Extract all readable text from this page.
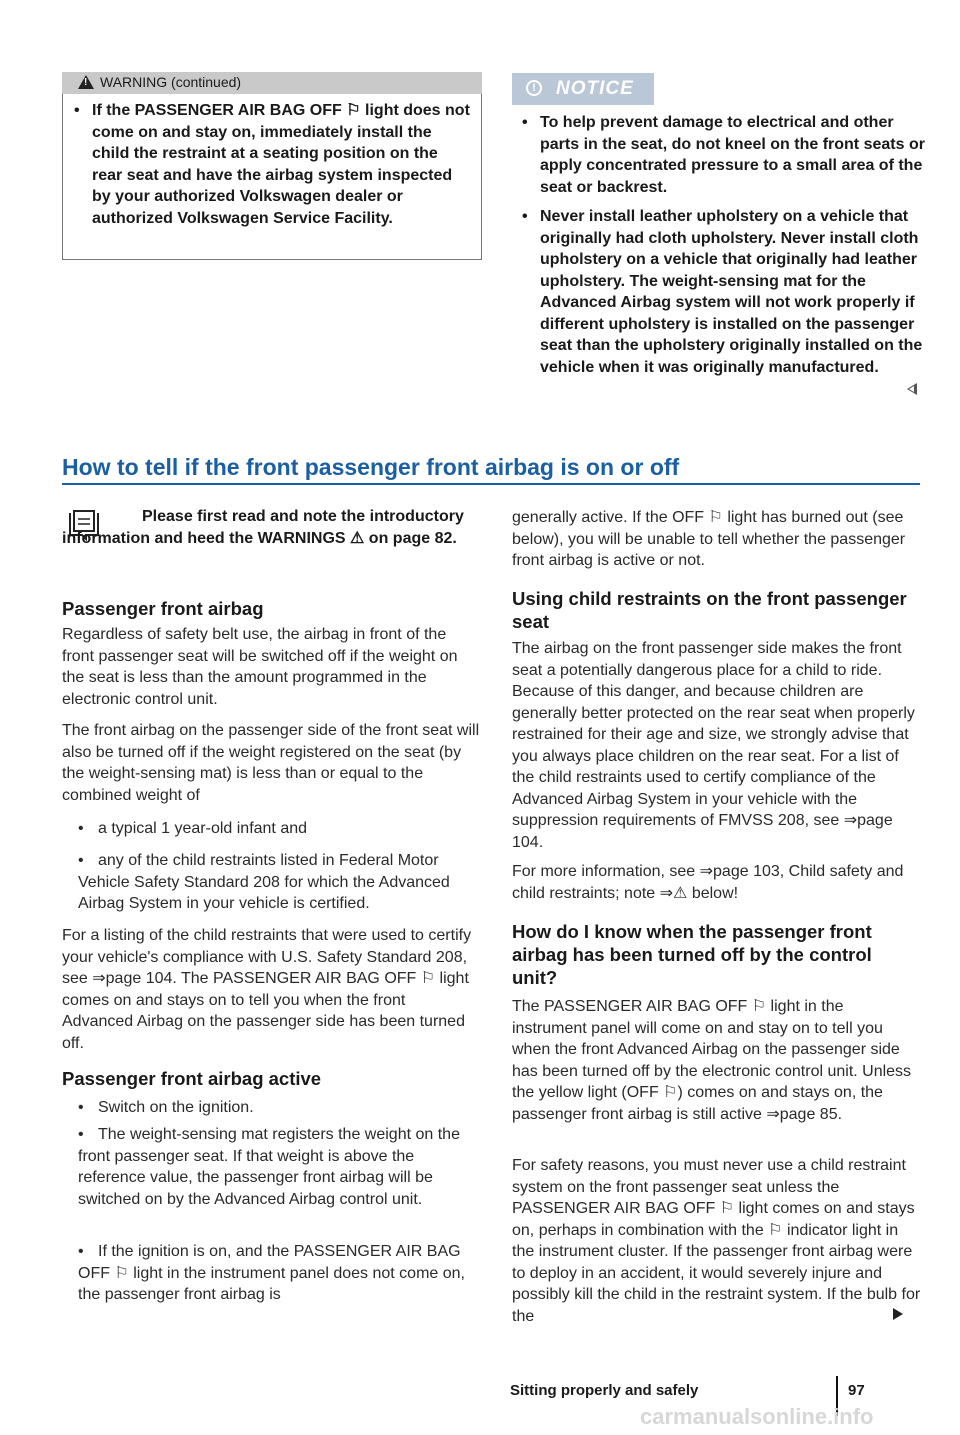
!
WARNING (continued)
• If the PASSENGER AIR BAG OFF ⚐ light does not come on and stay on, immediately install the child the restraint at a seating position on the rear seat and have the airbag system inspected by your authorized Volkswagen dealer or authorized Volkswagen Service Facility.

!	NOTICE
• To help prevent damage to electrical and other parts in the seat, do not kneel on the front seats or apply concentrated pressure to a small area of the seat or backrest.

• Never install leather upholstery on a vehicle that originally had cloth upholstery. Never install cloth upholstery on a vehicle that originally had leather upholstery. The weight-sensing mat for the Advanced Airbag system will not work properly if different upholstery is installed on the passenger seat than the upholstery originally installed on the vehicle when it was originally manufactured.

How to tell if the front passenger front airbag is on or off

Please first read and note the introductory information and heed the WARNINGS ⚠ on page 82.

Passenger front airbag

Regardless of safety belt use, the airbag in front of the front passenger seat will be switched off if the weight on the seat is less than the amount programmed in the electronic control unit.

The front airbag on the passenger side of the front seat will also be turned off if the weight registered on the seat (by the weight-sensing mat) is less than or equal to the combined weight of

• a typical 1 year-old infant and

• any of the child restraints listed in Federal Motor Vehicle Safety Standard 208 for which the Advanced Airbag System in your vehicle is certified.

For a listing of the child restraints that were used to certify your vehicle's compliance with U.S. Safety Standard 208, see ⇒page 104. The PASSENGER AIR BAG OFF ⚐ light comes on and stays on to tell you when the front Advanced Airbag on the passenger side has been turned off.

Passenger front airbag active
• Switch on the ignition.

• The weight-sensing mat registers the weight on the front passenger seat. If that weight is above the reference value, the passenger front airbag will be switched on by the Advanced Airbag control unit.

• If the ignition is on, and the PASSENGER AIR BAG OFF ⚐ light in the instrument panel does not come on, the passenger front airbag is

generally active. If the OFF ⚐ light has burned out (see below), you will be unable to tell whether the passenger front airbag is active or not.

Using child restraints on the front passenger seat

The airbag on the front passenger side makes the front seat a potentially dangerous place for a child to ride. Because of this danger, and because children are generally better protected on the rear seat when properly restrained for their age and size, we strongly advise that you always place children on the rear seat. For a list of the child restraints used to certify compliance of the Advanced Airbag System in your vehicle with the suppression requirements of FMVSS 208, see ⇒page 104.

For more information, see ⇒page 103, Child safety and child restraints; note ⇒⚠ below!

How do I know when the passenger front airbag has been turned off by the control unit?

The PASSENGER AIR BAG OFF ⚐ light in the instrument panel will come on and stay on to tell you when the front Advanced Airbag on the passenger side has been turned off by the electronic control unit. Unless the yellow light (OFF ⚐) comes on and stays on, the passenger front airbag is still active ⇒page 85.

For safety reasons, you must never use a child restraint system on the front passenger seat unless the PASSENGER AIR BAG OFF ⚐ light comes on and stays on, perhaps in combination with the ⚐ indicator light in the instrument cluster. If the passenger front airbag were to deploy in an accident, it would severely injure and possibly kill the child in the restraint system. If the bulb for the

Sitting properly and safely	97
carmanualsonline.info
